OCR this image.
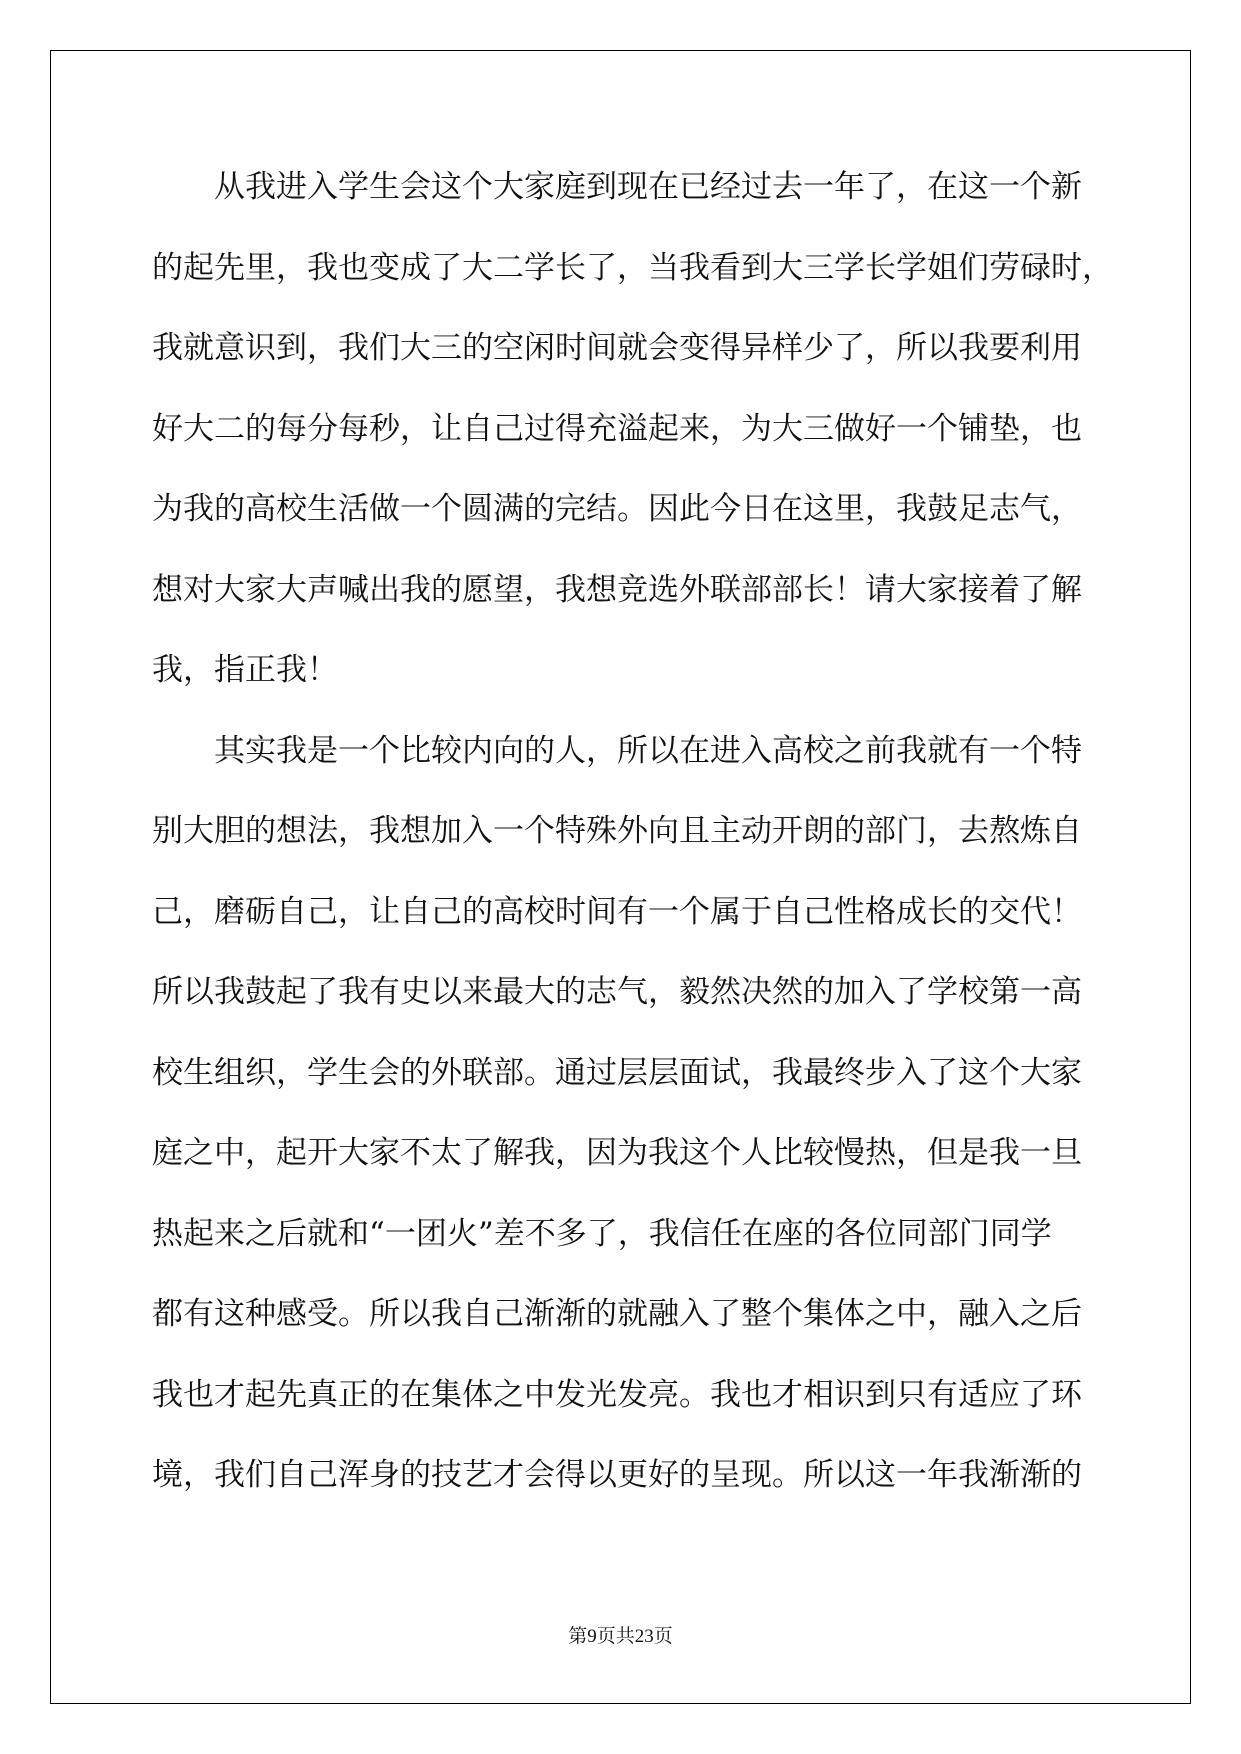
　　从我进入学生会这个大家庭到现在已经过去一年了，在这一个新
的起先里，我也变成了大二学长了，当我看到大三学长学姐们劳碌时，
我就意识到，我们大三的空闲时间就会变得异样少了，所以我要利用
好大二的每分每秒，让自己过得充溢起来，为大三做好一个铺垫，也
为我的高校生活做一个圆满的完结。因此今日在这里，我鼓足志气，
想对大家大声喊出我的愿望，我想竞选外联部部长！请大家接着了解
我，指正我！
　　其实我是一个比较内向的人，所以在进入高校之前我就有一个特
别大胆的想法，我想加入一个特殊外向且主动开朗的部门，去熬炼自
己，磨砺自己，让自己的高校时间有一个属于自己性格成长的交代！
所以我鼓起了我有史以来最大的志气，毅然决然的加入了学校第一高
校生组织，学生会的外联部。通过层层面试，我最终步入了这个大家
庭之中，起开大家不太了解我，因为我这个人比较慢热，但是我一旦
热起来之后就和“一团火”差不多了，我信任在座的各位同部门同学
都有这种感受。所以我自己渐渐的就融入了整个集体之中，融入之后
我也才起先真正的在集体之中发光发亮。我也才相识到只有适应了环
境，我们自己浑身的技艺才会得以更好的呈现。所以这一年我渐渐的
第9页共23页
